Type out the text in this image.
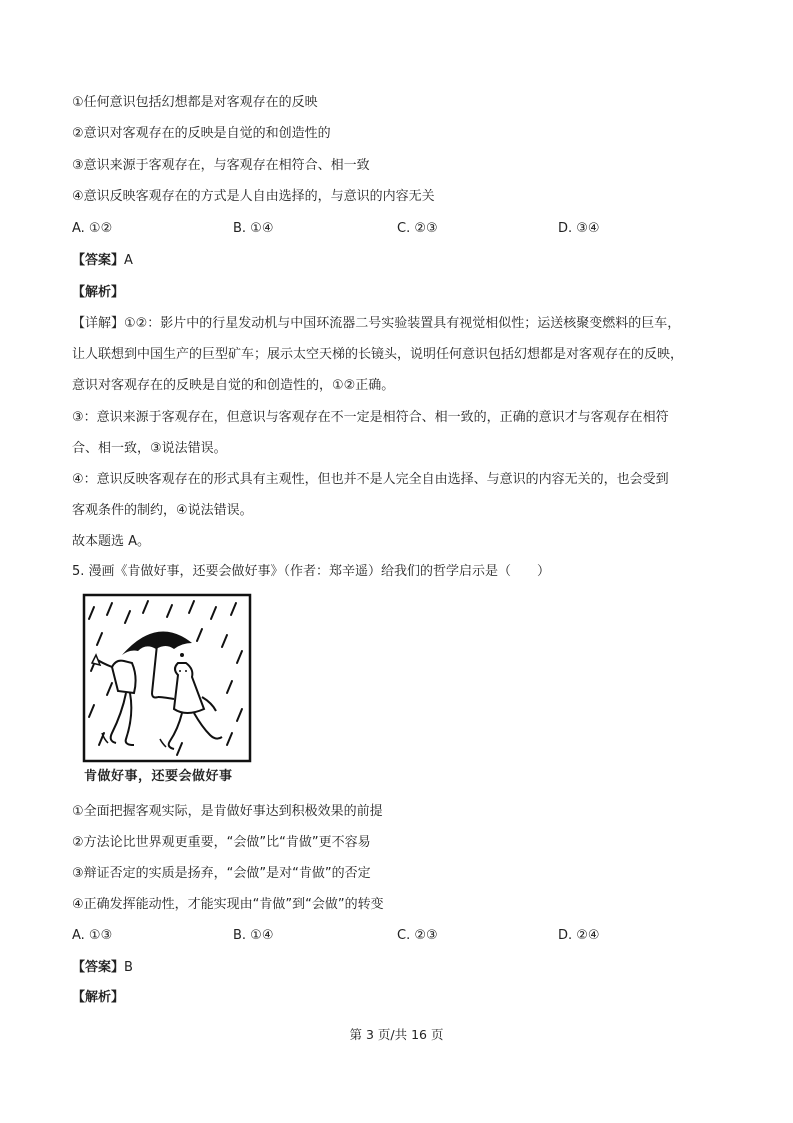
①任何意识包括幻想都是对客观存在的反映
②意识对客观存在的反映是自觉的和创造性的
③意识来源于客观存在，与客观存在相符合、相一致
④意识反映客观存在的方式是人自由选择的，与意识的内容无关
A. ①②	B. ①④	C. ②③	D. ③④
【答案】A
【解析】
【详解】①②：影片中的行星发动机与中国环流器二号实验装置具有视觉相似性；运送核聚变燃料的巨车，
让人联想到中国生产的巨型矿车；展示太空天梯的长镜头，说明任何意识包括幻想都是对客观存在的反映，
意识对客观存在的反映是自觉的和创造性的，①②正确。
③：意识来源于客观存在，但意识与客观存在不一定是相符合、相一致的，正确的意识才与客观存在相符
合、相一致，③说法错误。
④：意识反映客观存在的形式具有主观性，但也并不是人完全自由选择、与意识的内容无关的，也会受到
客观条件的制约，④说法错误。
故本题选 A。
5. 漫画《肯做好事，还要会做好事》（作者：郑辛遥）给我们的哲学启示是（　　）
肯做好事，还要会做好事
①全面把握客观实际，是肯做好事达到积极效果的前提
②方法论比世界观更重要，“会做”比“肯做”更不容易
③辩证否定的实质是扬弃，“会做”是对“肯做”的否定
④正确发挥能动性，才能实现由“肯做”到“会做”的转变
A. ①③	B. ①④	C. ②③	D. ②④
【答案】B
【解析】
第 3 页/共 16 页
